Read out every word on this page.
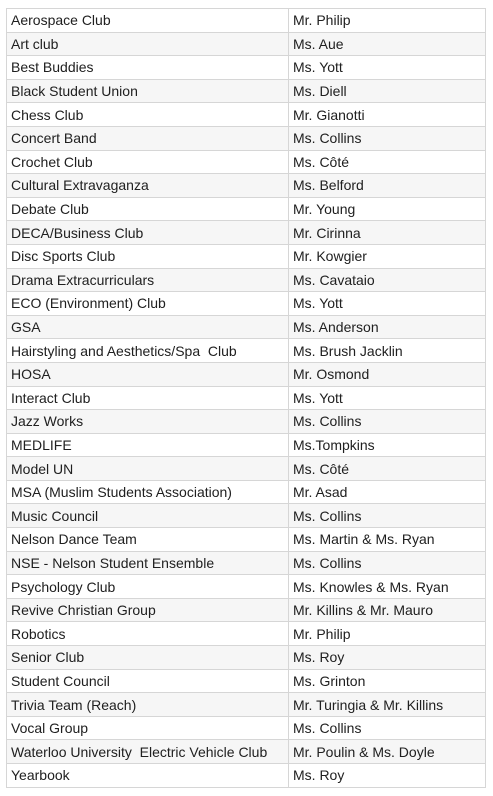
Aerospace Club	Mr. Philip
Art club	Ms. Aue
Best Buddies	Ms. Yott
Black Student Union	Ms. Diell
Chess Club	Mr. Gianotti
Concert Band	Ms. Collins
Crochet Club	Ms. Côté
Cultural Extravaganza	Ms. Belford
Debate Club	Mr. Young
DECA/Business Club	Mr. Cirinna
Disc Sports Club	Mr. Kowgier
Drama Extracurriculars	Ms. Cavataio
ECO (Environment) Club	Ms. Yott
GSA	Ms. Anderson
Hairstyling and Aesthetics/Spa  Club	Ms. Brush Jacklin
HOSA	Mr. Osmond
Interact Club	Ms. Yott
Jazz Works	Ms. Collins
MEDLIFE	Ms.Tompkins
Model UN	Ms. Côté
MSA (Muslim Students Association)	Mr. Asad
Music Council	Ms. Collins
Nelson Dance Team	Ms. Martin & Ms. Ryan
NSE - Nelson Student Ensemble	Ms. Collins
Psychology Club	Ms. Knowles & Ms. Ryan
Revive Christian Group	Mr. Killins & Mr. Mauro
Robotics	Mr. Philip
Senior Club	Ms. Roy
Student Council	Ms. Grinton
Trivia Team (Reach)	Mr. Turingia & Mr. Killins
Vocal Group	Ms. Collins
Waterloo University  Electric Vehicle Club	Mr. Poulin & Ms. Doyle
Yearbook	Ms. Roy
